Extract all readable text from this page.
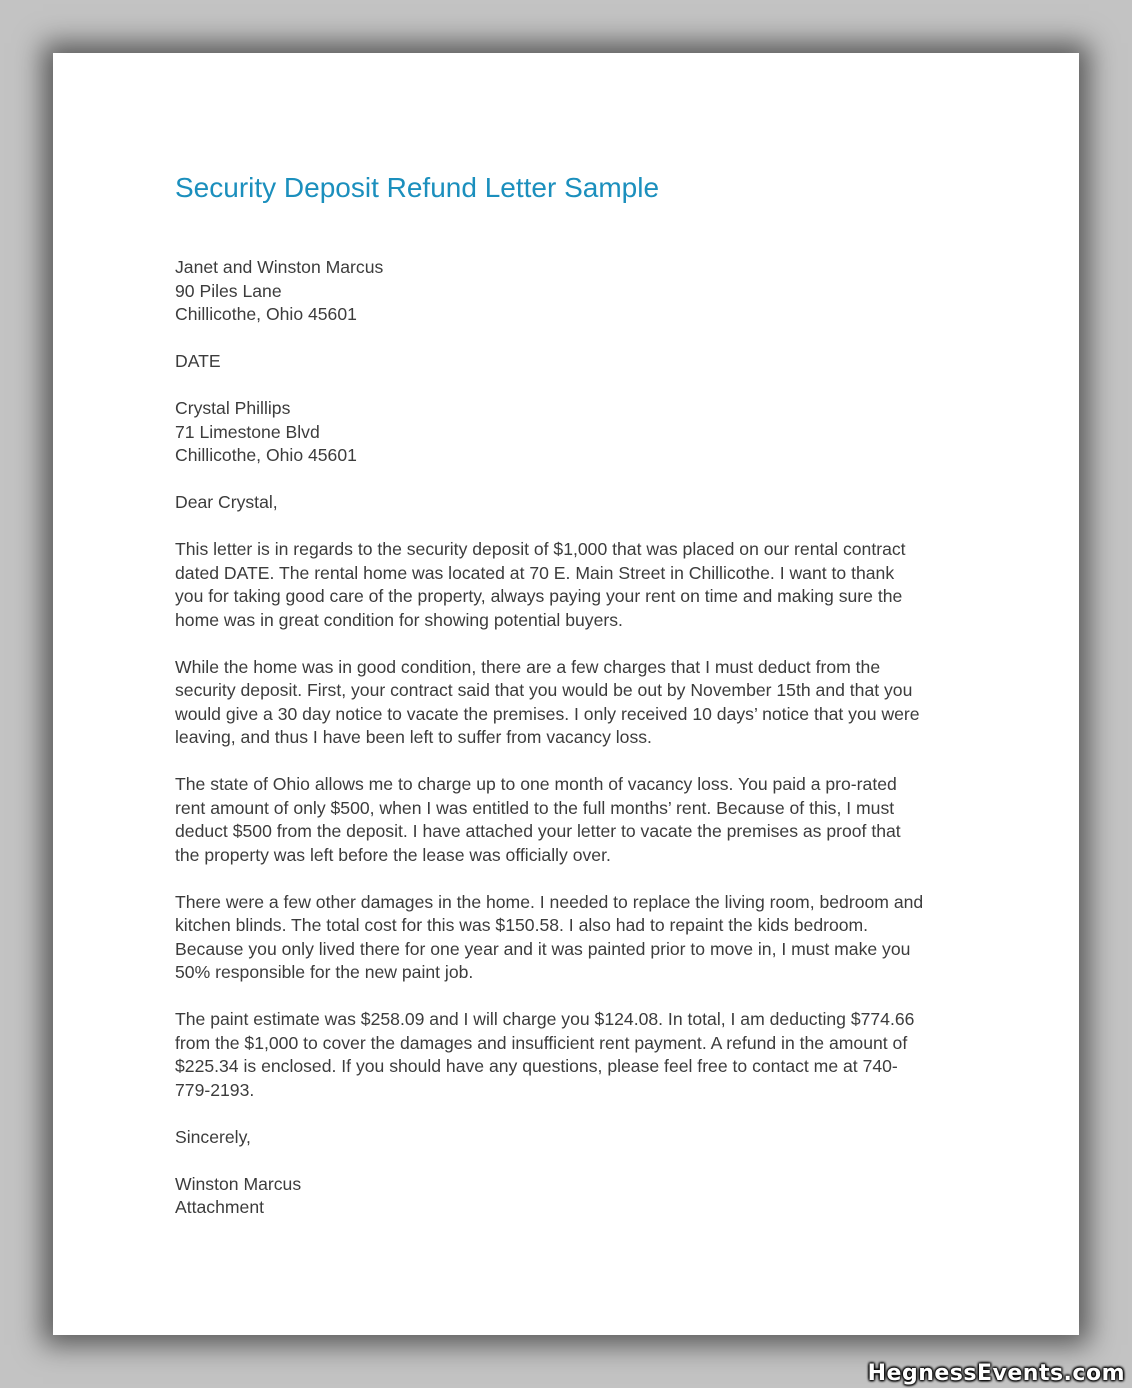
Security Deposit Refund Letter Sample
Janet and Winston Marcus
90 Piles Lane
Chillicothe, Ohio 45601
DATE
Crystal Phillips
71 Limestone Blvd
Chillicothe, Ohio 45601
Dear Crystal,
This letter is in regards to the security deposit of $1,000 that was placed on our rental contract
dated DATE. The rental home was located at 70 E. Main Street in Chillicothe. I want to thank
you for taking good care of the property, always paying your rent on time and making sure the
home was in great condition for showing potential buyers.
While the home was in good condition, there are a few charges that I must deduct from the
security deposit. First, your contract said that you would be out by November 15th and that you
would give a 30 day notice to vacate the premises. I only received 10 days’ notice that you were
leaving, and thus I have been left to suffer from vacancy loss.
The state of Ohio allows me to charge up to one month of vacancy loss. You paid a pro-rated
rent amount of only $500, when I was entitled to the full months’ rent. Because of this, I must
deduct $500 from the deposit. I have attached your letter to vacate the premises as proof that
the property was left before the lease was officially over.
There were a few other damages in the home. I needed to replace the living room, bedroom and
kitchen blinds. The total cost for this was $150.58. I also had to repaint the kids bedroom.
Because you only lived there for one year and it was painted prior to move in, I must make you
50% responsible for the new paint job.
The paint estimate was $258.09 and I will charge you $124.08. In total, I am deducting $774.66
from the $1,000 to cover the damages and insufficient rent payment. A refund in the amount of
$225.34 is enclosed. If you should have any questions, please feel free to contact me at 740-
779-2193.
Sincerely,
Winston Marcus
Attachment
HegnessEvents.com
